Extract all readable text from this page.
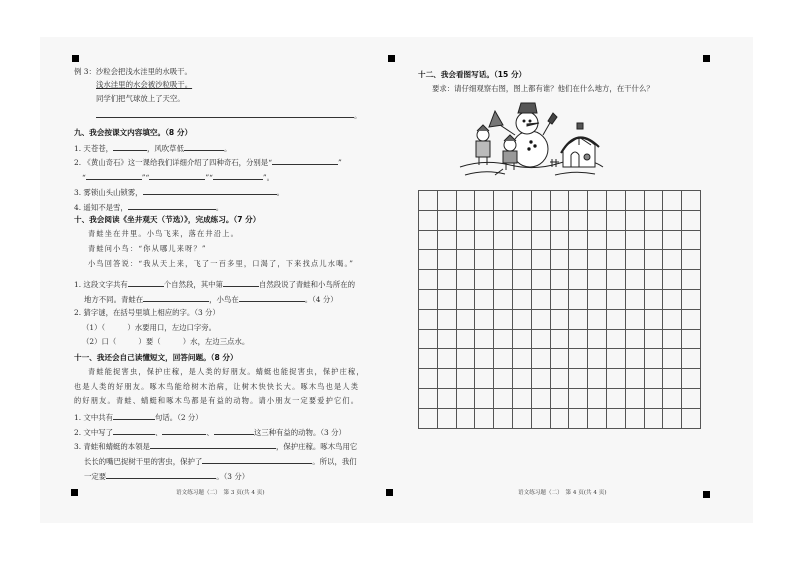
例 3：沙粒会把浅水洼里的水吸干。
浅水洼里的水会被沙粒吸干。
同学们把气球放上了天空。
。
九、我会按课文内容填空。（8 分）
1. 天苍苍，	，风吹草低	。
2. 《黄山奇石》这一课给我们详细介绍了四种奇石，分别是“	”
“	”“	”“	”。
3. 雾锁山头山锁雾，	。
4. 遥知不是雪，	。
十、我会阅读《坐井观天（节选）》，完成练习。（7 分）
青蛙坐在井里。小鸟飞来，落在井沿上。
青蛙问小鸟：“你从哪儿来呀？”
小鸟回答说：“我从天上来，飞了一百多里，口渴了，下来找点儿水喝。”
1. 这段文字共有	个自然段，其中第	自然段说了青蛙和小鸟所在的
地方不同。青蛙在	，小鸟在	。（4 分）
2. 猜字谜，在括号里填上相应的字。（3 分）
（1）（　　　）水要用口，左边口字旁。
（2）口（　　　）要（　　　）水，左边三点水。
十一、我还会自己读懂短文，回答问题。（8 分）
青蛙能捉害虫，保护庄稼，是人类的好朋友。蜻蜓也能捉害虫，保护庄稼，
也是人类的好朋友。啄木鸟能给树木治病，让树木快快长大。啄木鸟也是人类
的好朋友。青蛙、蜻蜓和啄木鸟都是有益的动物。请小朋友一定要爱护它们。
1. 文中共有	句话。（2 分）
2. 文中写了	、	、	这三种有益的动物。（3 分）
3. 青蛙和蜻蜓的本领是	，保护庄稼。啄木鸟用它
长长的嘴巴捉树干里的害虫，保护了	。所以，我们
一定要	。（3 分）
语文练习题（二）　第 3 页(共 4 页)
十二、我会看图写话。（15 分）
要求：请仔细观察右图，图上都有谁？他们在什么地方，在干什么？
语文练习题（二）　第 4 页(共 4 页)
